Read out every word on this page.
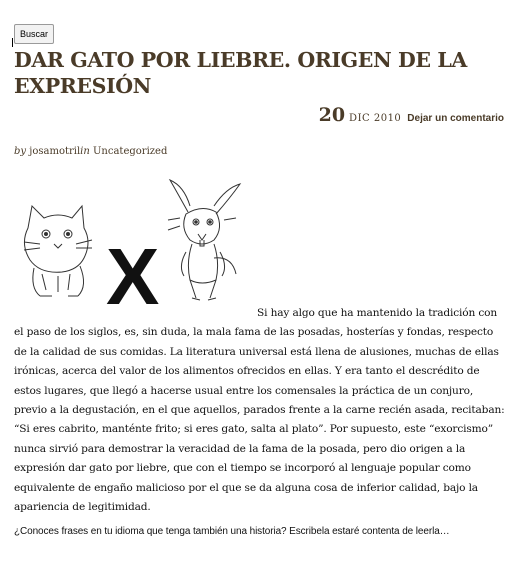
Buscar
DAR GATO POR LIEBRE. ORIGEN DE LA EXPRESIÓN
20 DIC 2010 Dejar un comentario
by josamotrilin Uncategorized
X	Si hay algo que ha mantenido la tradición con el paso de los siglos, es, sin duda, la mala fama de las posadas, hosterías y fondas, respecto de la calidad de sus comidas. La literatura universal está llena de alusiones, muchas de ellas irónicas, acerca del valor de los alimentos ofrecidos en ellas. Y era tanto el descrédito de estos lugares, que llegó a hacerse usual entre los comensales la práctica de un conjuro, previo a la degustación, en el que aquellos, parados frente a la carne recién asada, recitaban: “Si eres cabrito, manténte frito; si eres gato, salta al plato”. Por supuesto, este “exorcismo” nunca sirvió para demostrar la veracidad de la fama de la posada, pero dio origen a la expresión dar gato por liebre, que con el tiempo se incorporó al lenguaje popular como equivalente de engaño malicioso por el que se da alguna cosa de inferior calidad, bajo la apariencia de legitimidad.

¿Conoces frases en tu idioma que tenga también una historia? Escribela estaré contenta de leerla…
